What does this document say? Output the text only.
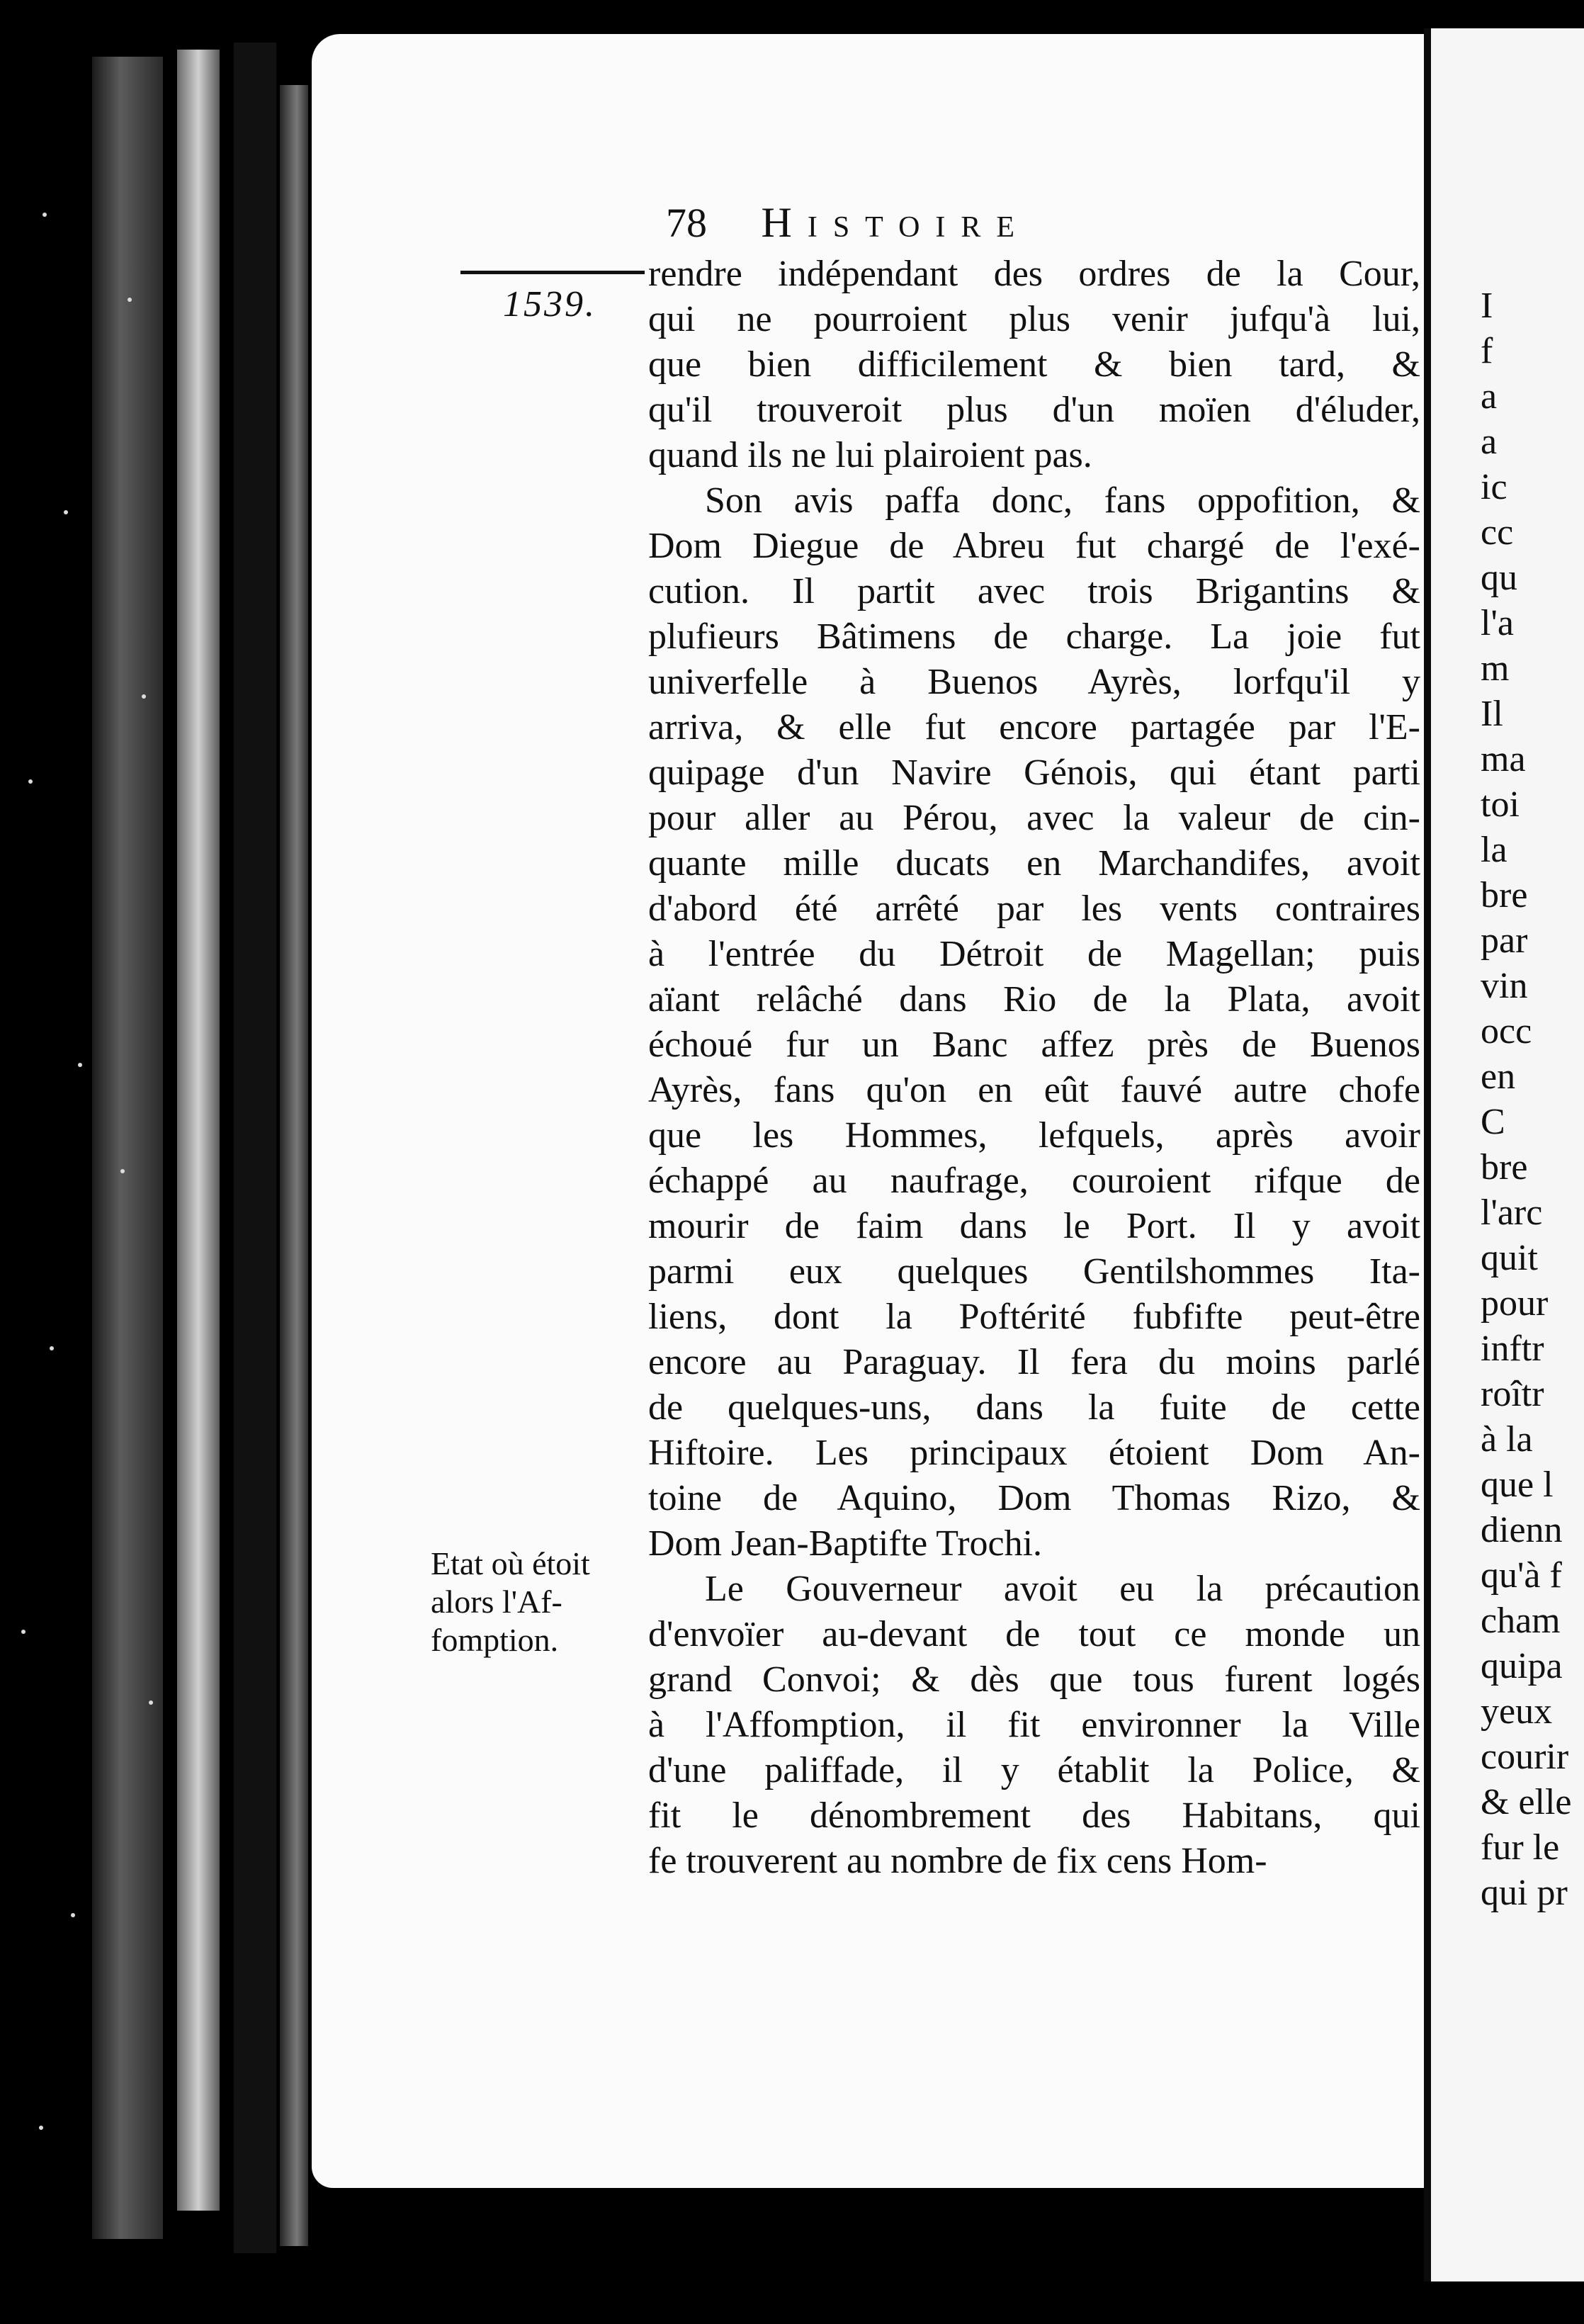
78 Histoire
1539.
Etat où étoit
alors l'Af-
fomption.
rendre indépendant des ordres de la Cour,
qui ne pourroient plus venir jufqu'à lui,
que bien difficilement & bien tard, &
qu'il trouveroit plus d'un moïen d'éluder,
quand ils ne lui plairoient pas.
Son avis paffa donc, fans oppofition, &
Dom Diegue de Abreu fut chargé de l'exé-
cution. Il partit avec trois Brigantins &
plufieurs Bâtimens de charge. La joie fut
univerfelle à Buenos Ayrès, lorfqu'il y
arriva, & elle fut encore partagée par l'E-
quipage d'un Navire Génois, qui étant parti
pour aller au Pérou, avec la valeur de cin-
quante mille ducats en Marchandifes, avoit
d'abord été arrêté par les vents contraires
à l'entrée du Détroit de Magellan; puis
aïant relâché dans Rio de la Plata, avoit
échoué fur un Banc affez près de Buenos
Ayrès, fans qu'on en eût fauvé autre chofe
que les Hommes, lefquels, après avoir
échappé au naufrage, couroient rifque de
mourir de faim dans le Port. Il y avoit
parmi eux quelques Gentilshommes Ita-
liens, dont la Poftérité fubfifte peut-être
encore au Paraguay. Il fera du moins parlé
de quelques-uns, dans la fuite de cette
Hiftoire. Les principaux étoient Dom An-
toine de Aquino, Dom Thomas Rizo, &
Dom Jean-Baptifte Trochi.
Le Gouverneur avoit eu la précaution
d'envoïer au-devant de tout ce monde un
grand Convoi; & dès que tous furent logés
à l'Affomption, il fit environner la Ville
d'une paliffade, il y établit la Police, &
fit le dénombrement des Habitans, qui
fe trouverent au nombre de fix cens Hom-
I
f
a
a
ic
cc
qu
l'a
m
Il
ma
toi
la
bre
par
vin
occ
en
C
bre
l'arc
quit
pour
inftr
roîtr
à la
que l
dienn
qu'à f
cham
quipa
yeux
courir
& elle
fur le
qui pr
